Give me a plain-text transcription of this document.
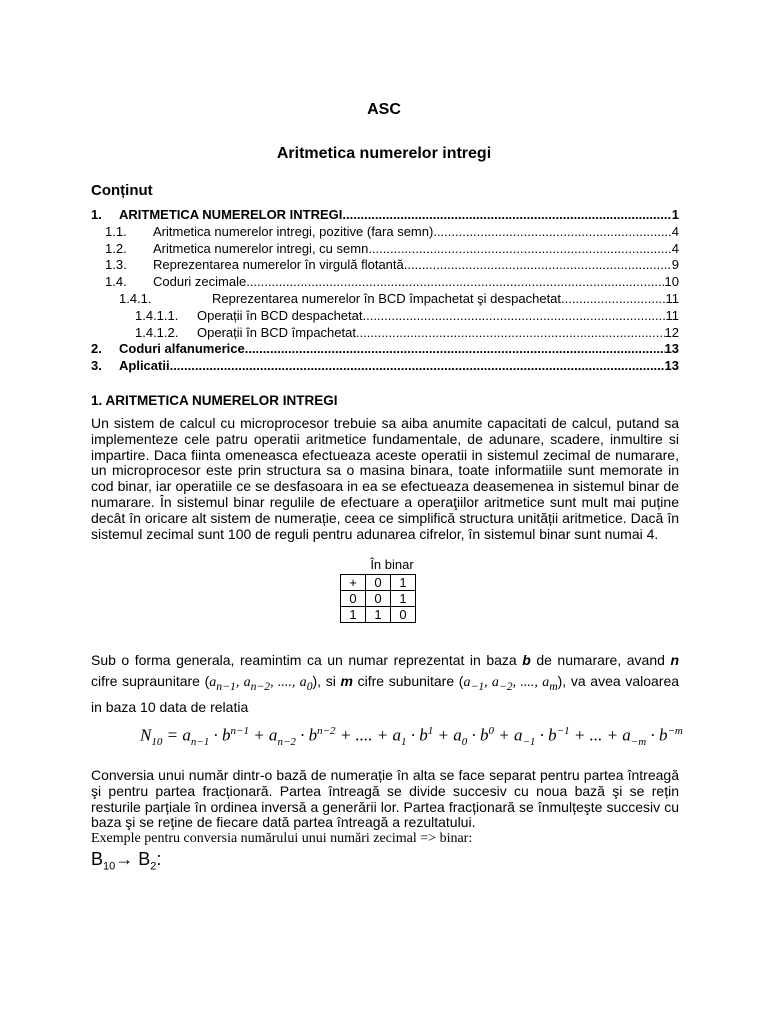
ASC
Aritmetica numerelor intregi
Conținut
1.	ARITMETICA NUMERELOR INTREGI .....	1
1.1.	Aritmetica numerelor intregi, pozitive (fara semn) .....	4
1.2.	Aritmetica numerelor intregi, cu semn .....	4
1.3.	Reprezentarea numerelor în virgulă flotantă .....	9
1.4.	Coduri zecimale .....	10
1.4.1.	Reprezentarea numerelor în BCD împachetat şi despachetat .....	11
1.4.1.1.	Operații în BCD despachetat .....	11
1.4.1.2.	Operații în BCD împachetat .....	12
2.	Coduri alfanumerice .....	13
3.	Aplicatii .....	13
1. ARITMETICA NUMERELOR INTREGI
Un sistem de calcul cu microprocesor trebuie sa aiba anumite capacitati de calcul, putand sa implementeze cele patru operatii aritmetice fundamentale, de adunare, scadere, inmultire si impartire. Daca fiinta omeneasca efectueaza aceste operatii in sistemul zecimal de numarare, un microprocesor este prin structura sa o masina binara, toate informatiile sunt memorate in cod binar, iar operatiile ce se desfasoara in ea se efectueaza deasemenea in sistemul binar de numarare. În sistemul binar regulile de efectuare a operaţiilor aritmetice sunt mult mai puține decât în oricare alt sistem de numerație, ceea ce simplifică structura unității aritmetice. Dacă în sistemul zecimal sunt 100 de reguli pentru adunarea cifrelor, în sistemul binar sunt numai 4.
În binar
+	0	1
0	0	1
1	1	0
Sub o forma generala, reamintim ca un numar reprezentat in baza b de numarare, avand n cifre supraunitare ($a_{n-1}$, $a_{n-2}$, ...., $a_0$), si m cifre subunitare ($a_{-1}$, $a_{-2}$, ...., $a_m$), va avea valoarea in baza 10 data de relatia
$N_{10} = a_{n-1} \cdot b^{n-1} + a_{n-2} \cdot b^{n-2}$ + .... + $a_1 \cdot b^1 + a_0 \cdot b^0 + a_{-1} \cdot b^{-1}$ + ... + $a_{-m} \cdot b^{-m}$
Conversia unui număr dintr-o bază de numerație în alta se face separat pentru partea întreagă şi pentru partea fracționară. Partea întreagă se divide succesiv cu noua bază şi se rețin resturile parțiale în ordinea inversă a generării lor. Partea fracționară se înmulțeşte succesiv cu baza şi se reține de fiecare dată partea întreagă a rezultatului.
Exemple pentru conversia numărului unui numări zecimal => binar:
$B_{10}\to B_2$:
